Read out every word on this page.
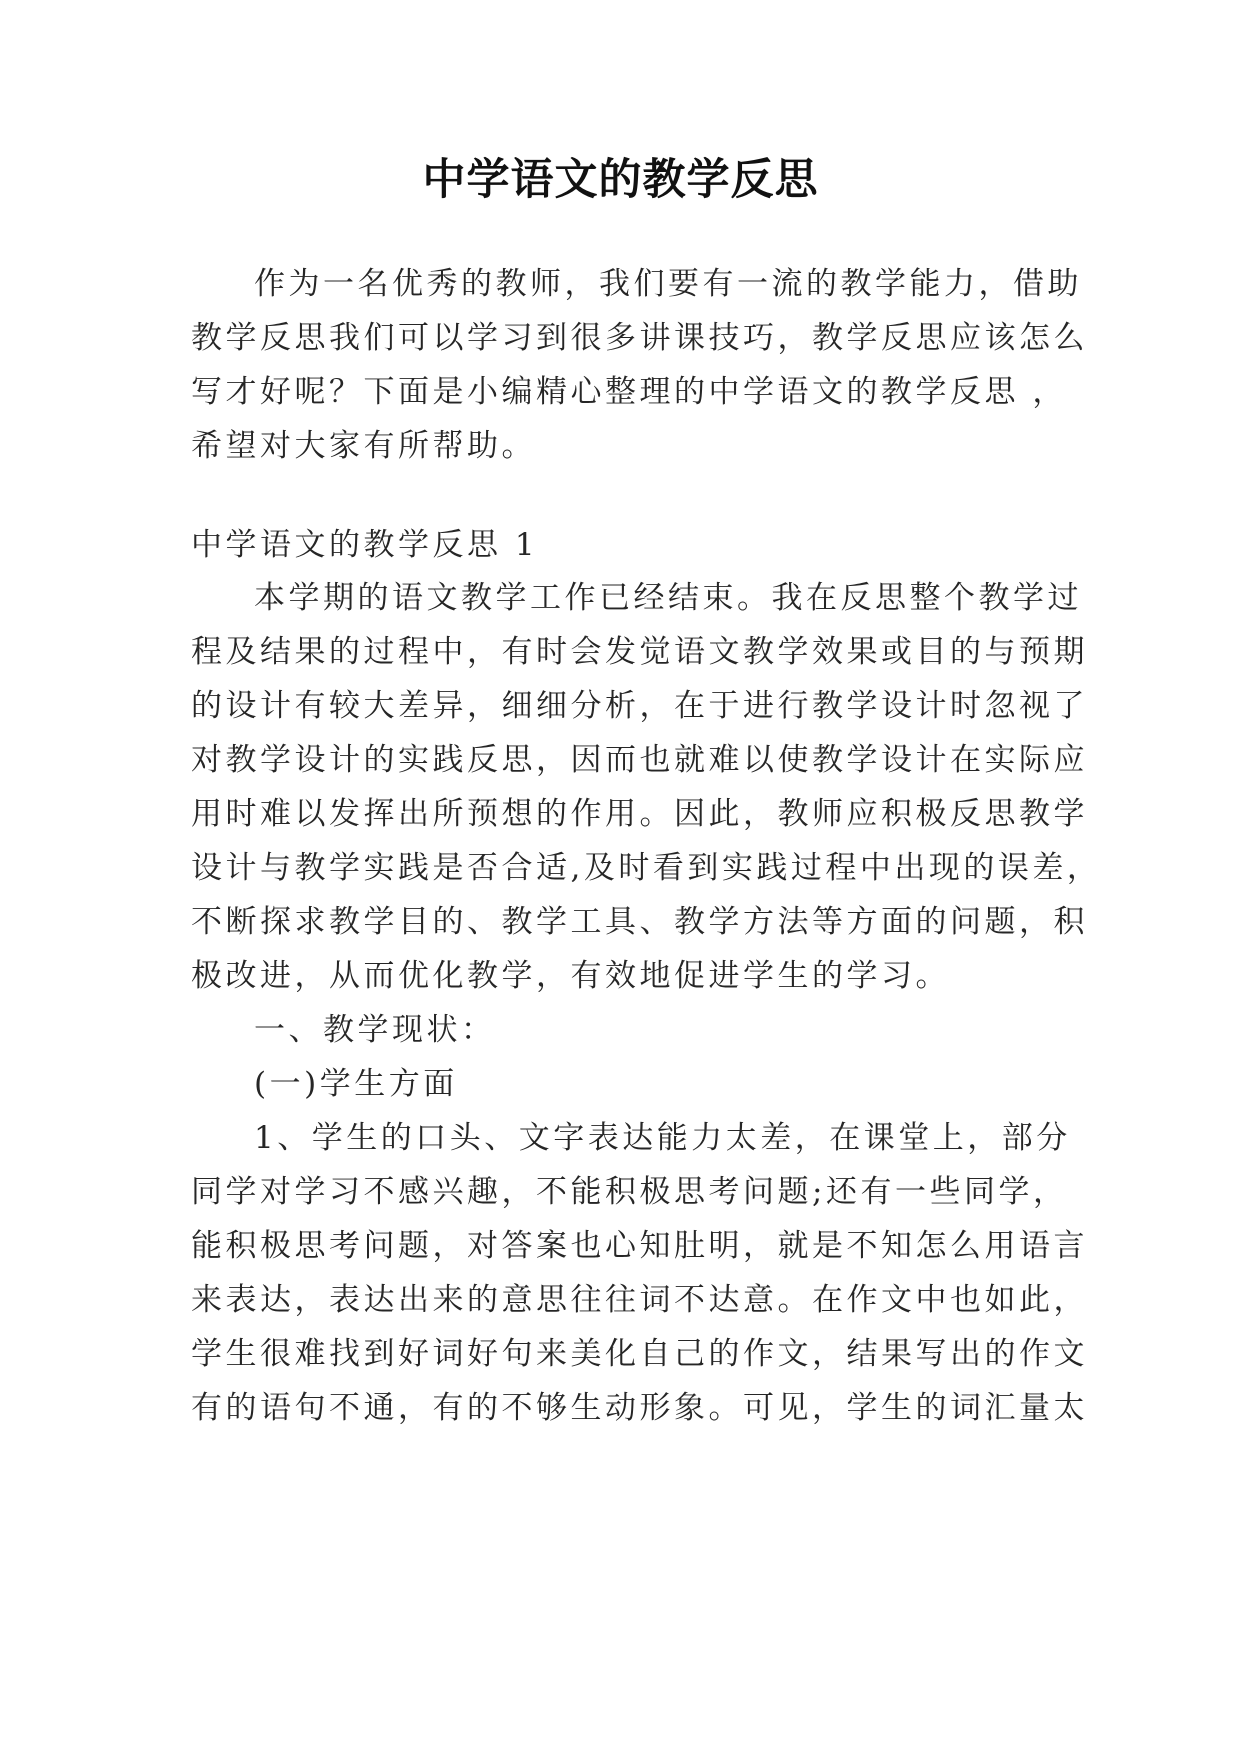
中学语文的教学反思
作为一名优秀的教师，我们要有一流的教学能力，借助
教学反思我们可以学习到很多讲课技巧，教学反思应该怎么
写才好呢？下面是小编精心整理的中学语文的教学反思 ，
希望对大家有所帮助。
中学语文的教学反思 1
本学期的语文教学工作已经结束。我在反思整个教学过
程及结果的过程中，有时会发觉语文教学效果或目的与预期
的设计有较大差异，细细分析，在于进行教学设计时忽视了
对教学设计的实践反思，因而也就难以使教学设计在实际应
用时难以发挥出所预想的作用。因此，教师应积极反思教学
设计与教学实践是否合适,及时看到实践过程中出现的误差，
不断探求教学目的、教学工具、教学方法等方面的问题，积
极改进，从而优化教学，有效地促进学生的学习。
一、教学现状：
(一)学生方面
1、学生的口头、文字表达能力太差，在课堂上，部分
同学对学习不感兴趣，不能积极思考问题;还有一些同学，
能积极思考问题，对答案也心知肚明，就是不知怎么用语言
来表达，表达出来的意思往往词不达意。在作文中也如此，
学生很难找到好词好句来美化自己的作文，结果写出的作文
有的语句不通，有的不够生动形象。可见，学生的词汇量太
